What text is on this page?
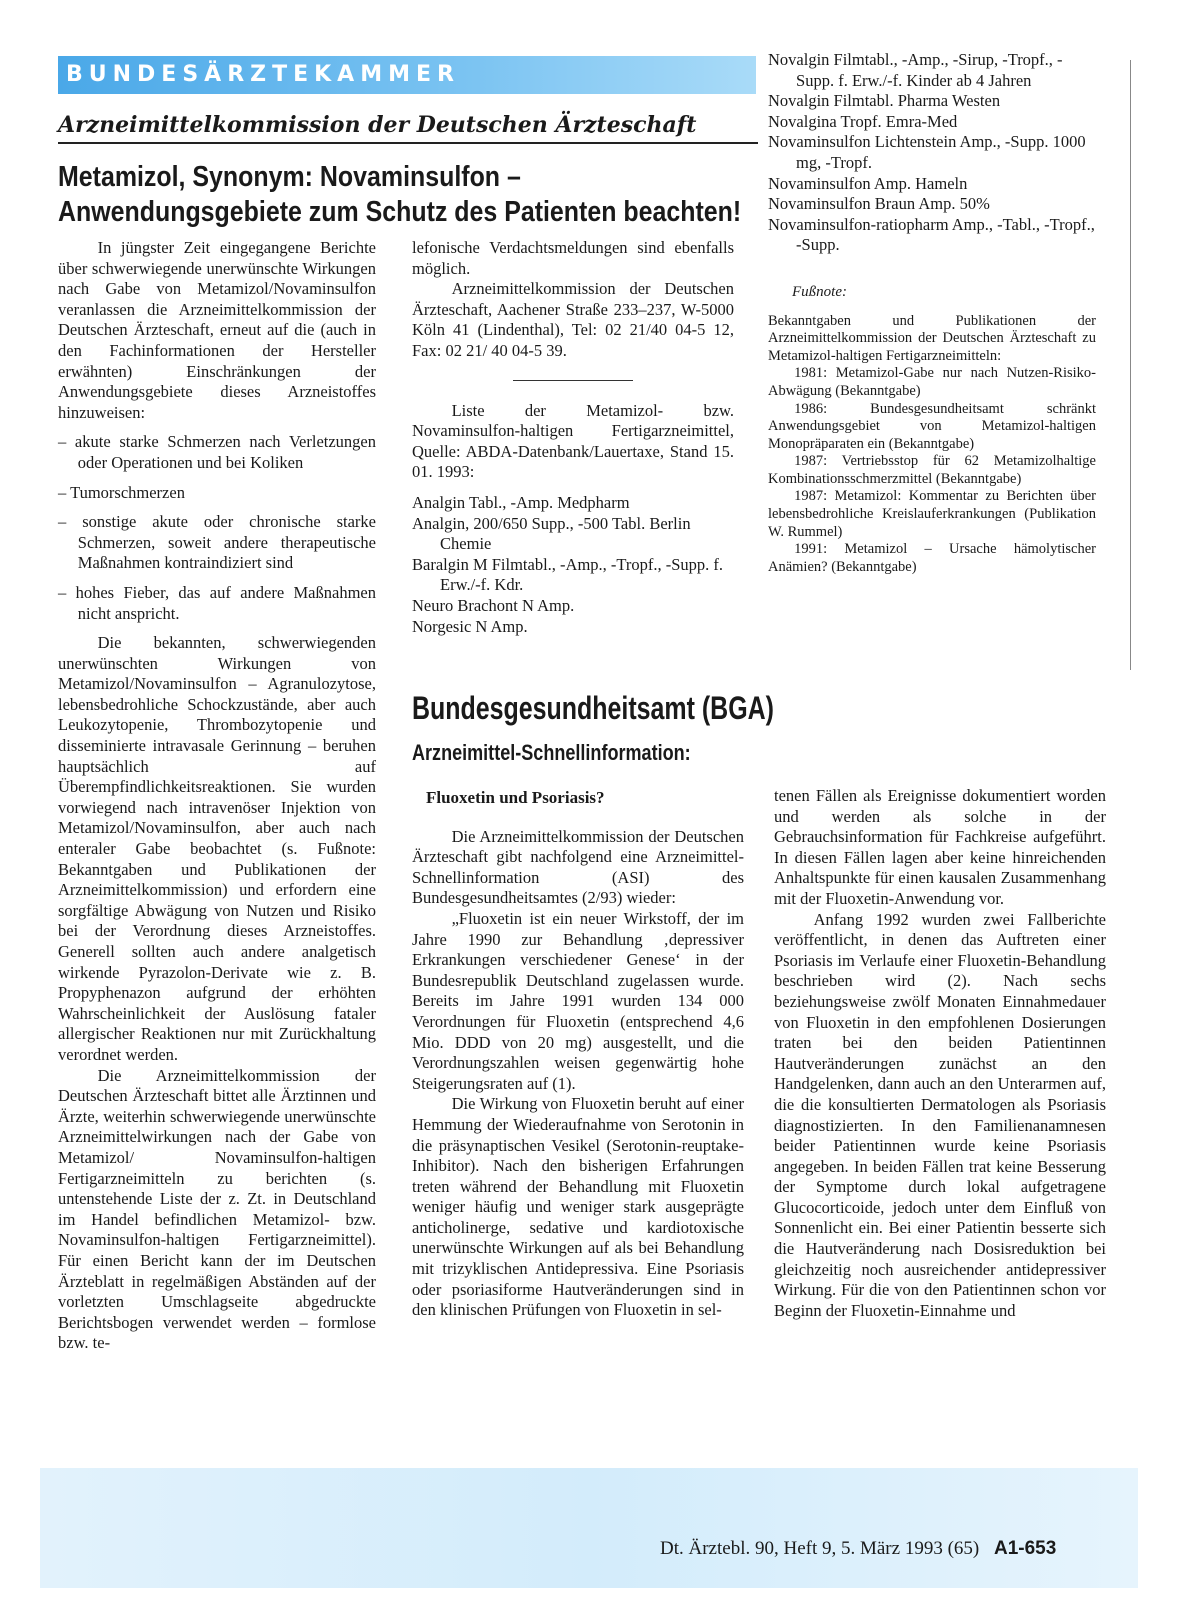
BUNDESÄRZTEKAMMER
Arzneimittelkommission der Deutschen Ärzteschaft
Metamizol, Synonym: Novaminsulfon –
Anwendungsgebiete zum Schutz des Patienten beachten!

In jüngster Zeit eingegangene Berichte über schwerwiegende unerwünschte Wirkungen nach Gabe von Metamizol/Novaminsulfon veranlassen die Arzneimittelkommission der Deutschen Ärzteschaft, erneut auf die (auch in den Fachinformationen der Hersteller erwähnten) Einschränkungen der Anwendungsgebiete dieses Arzneistoffes hinzuweisen:

– akute starke Schmerzen nach Verletzungen oder Operationen und bei Koliken

– Tumorschmerzen

– sonstige akute oder chronische starke Schmerzen, soweit andere therapeutische Maßnahmen kontraindiziert sind

– hohes Fieber, das auf andere Maßnahmen nicht anspricht.

Die bekannten, schwerwiegenden unerwünschten Wirkungen von Metamizol/Novaminsulfon – Agranulozytose, lebensbedrohliche Schockzustände, aber auch Leukozytopenie, Thrombozytopenie und disseminierte intravasale Gerinnung – beruhen hauptsächlich auf Überempfindlichkeitsreaktionen. Sie wurden vorwiegend nach intravenöser Injektion von Metamizol/Novaminsulfon, aber auch nach enteraler Gabe beobachtet (s. Fußnote: Bekanntgaben und Publikationen der Arzneimittelkommission) und erfordern eine sorgfältige Abwägung von Nutzen und Risiko bei der Verordnung dieses Arzneistoffes. Generell sollten auch andere analgetisch wirkende Pyrazolon-Derivate wie z. B. Propyphenazon aufgrund der erhöhten Wahrscheinlichkeit der Auslösung fataler allergischer Reaktionen nur mit Zurückhaltung verordnet werden.

Die Arzneimittelkommission der Deutschen Ärzteschaft bittet alle Ärztinnen und Ärzte, weiterhin schwerwiegende unerwünschte Arzneimittelwirkungen nach der Gabe von Metamizol/ Novaminsulfon-haltigen Fertigarzneimitteln zu berichten (s. untenstehende Liste der z. Zt. in Deutschland im Handel befindlichen Metamizol- bzw. Novaminsulfon-haltigen Fertigarzneimittel). Für einen Bericht kann der im Deutschen Ärzteblatt in regelmäßigen Abständen auf der vorletzten Umschlagseite abgedruckte Berichtsbogen verwendet werden – formlose bzw. te-

lefonische Verdachtsmeldungen sind ebenfalls möglich.

Arzneimittelkommission der Deutschen Ärzteschaft, Aachener Straße 233–237, W-5000 Köln 41 (Lindenthal), Tel: 02 21/40 04-5 12, Fax: 02 21/ 40 04-5 39.

Liste der Metamizol- bzw. Novaminsulfon-haltigen Fertigarzneimittel, Quelle: ABDA-Datenbank/Lauertaxe, Stand 15. 01. 1993:

Analgin Tabl., -Amp. Medpharm

Analgin, 200/650 Supp., -500 Tabl. Berlin Chemie

Baralgin M Filmtabl., -Amp., -Tropf., -Supp. f. Erw./-f. Kdr.

Neuro Brachont N Amp.

Norgesic N Amp.

Novalgin Filmtabl., -Amp., -Sirup, -Tropf., -Supp. f. Erw./-f. Kinder ab 4 Jahren

Novalgin Filmtabl. Pharma Westen

Novalgina Tropf. Emra-Med

Novaminsulfon Lichtenstein Amp., -Supp. 1000 mg, -Tropf.

Novaminsulfon Amp. Hameln

Novaminsulfon Braun Amp. 50%

Novaminsulfon-ratiopharm Amp., -Tabl., -Tropf., -Supp.

Fußnote:

Bekanntgaben und Publikationen der Arzneimittelkommission der Deutschen Ärzteschaft zu Metamizol-haltigen Fertigarzneimitteln:

1981: Metamizol-Gabe nur nach Nutzen-Risiko-Abwägung (Bekanntgabe)

1986: Bundesgesundheitsamt schränkt Anwendungsgebiet von Metamizol-haltigen Monopräparaten ein (Bekanntgabe)

1987: Vertriebsstop für 62 Metamizolhaltige Kombinationsschmerzmittel (Bekanntgabe)

1987: Metamizol: Kommentar zu Berichten über lebensbedrohliche Kreislauferkrankungen (Publikation W. Rummel)

1991: Metamizol – Ursache hämolytischer Anämien? (Bekanntgabe)

Bundesgesundheitsamt (BGA)
Arzneimittel-Schnellinformation:
Fluoxetin und Psoriasis?

Die Arzneimittelkommission der Deutschen Ärzteschaft gibt nachfolgend eine Arzneimittel-Schnellinformation (ASI) des Bundesgesundheitsamtes (2/93) wieder:

„Fluoxetin ist ein neuer Wirkstoff, der im Jahre 1990 zur Behandlung ‚depressiver Erkrankungen verschiedener Genese‘ in der Bundesrepublik Deutschland zugelassen wurde. Bereits im Jahre 1991 wurden 134 000 Verordnungen für Fluoxetin (entsprechend 4,6 Mio. DDD von 20 mg) ausgestellt, und die Verordnungszahlen weisen gegenwärtig hohe Steigerungsraten auf (1).

Die Wirkung von Fluoxetin beruht auf einer Hemmung der Wiederaufnahme von Serotonin in die präsynaptischen Vesikel (Serotonin-reuptake-Inhibitor). Nach den bisherigen Erfahrungen treten während der Behandlung mit Fluoxetin weniger häufig und weniger stark ausgeprägte anticholinerge, sedative und kardiotoxische unerwünschte Wirkungen auf als bei Behandlung mit trizyklischen Antidepressiva. Eine Psoriasis oder psoriasiforme Hautveränderungen sind in den klinischen Prüfungen von Fluoxetin in sel-

tenen Fällen als Ereignisse dokumentiert worden und werden als solche in der Gebrauchsinformation für Fachkreise aufgeführt. In diesen Fällen lagen aber keine hinreichenden Anhaltspunkte für einen kausalen Zusammenhang mit der Fluoxetin-Anwendung vor.

Anfang 1992 wurden zwei Fallberichte veröffentlicht, in denen das Auftreten einer Psoriasis im Verlaufe einer Fluoxetin-Behandlung beschrieben wird (2). Nach sechs beziehungsweise zwölf Monaten Einnahmedauer von Fluoxetin in den empfohlenen Dosierungen traten bei den beiden Patientinnen Hautveränderungen zunächst an den Handgelenken, dann auch an den Unterarmen auf, die die konsultierten Dermatologen als Psoriasis diagnostizierten. In den Familienanamnesen beider Patientinnen wurde keine Psoriasis angegeben. In beiden Fällen trat keine Besserung der Symptome durch lokal aufgetragene Glucocorticoide, jedoch unter dem Einfluß von Sonnenlicht ein. Bei einer Patientin besserte sich die Hautveränderung nach Dosisreduktion bei gleichzeitig noch ausreichender antidepressiver Wirkung. Für die von den Patientinnen schon vor Beginn der Fluoxetin-Einnahme und

Dt. Ärztebl. 90, Heft 9, 5. März 1993 (65) A1-653
